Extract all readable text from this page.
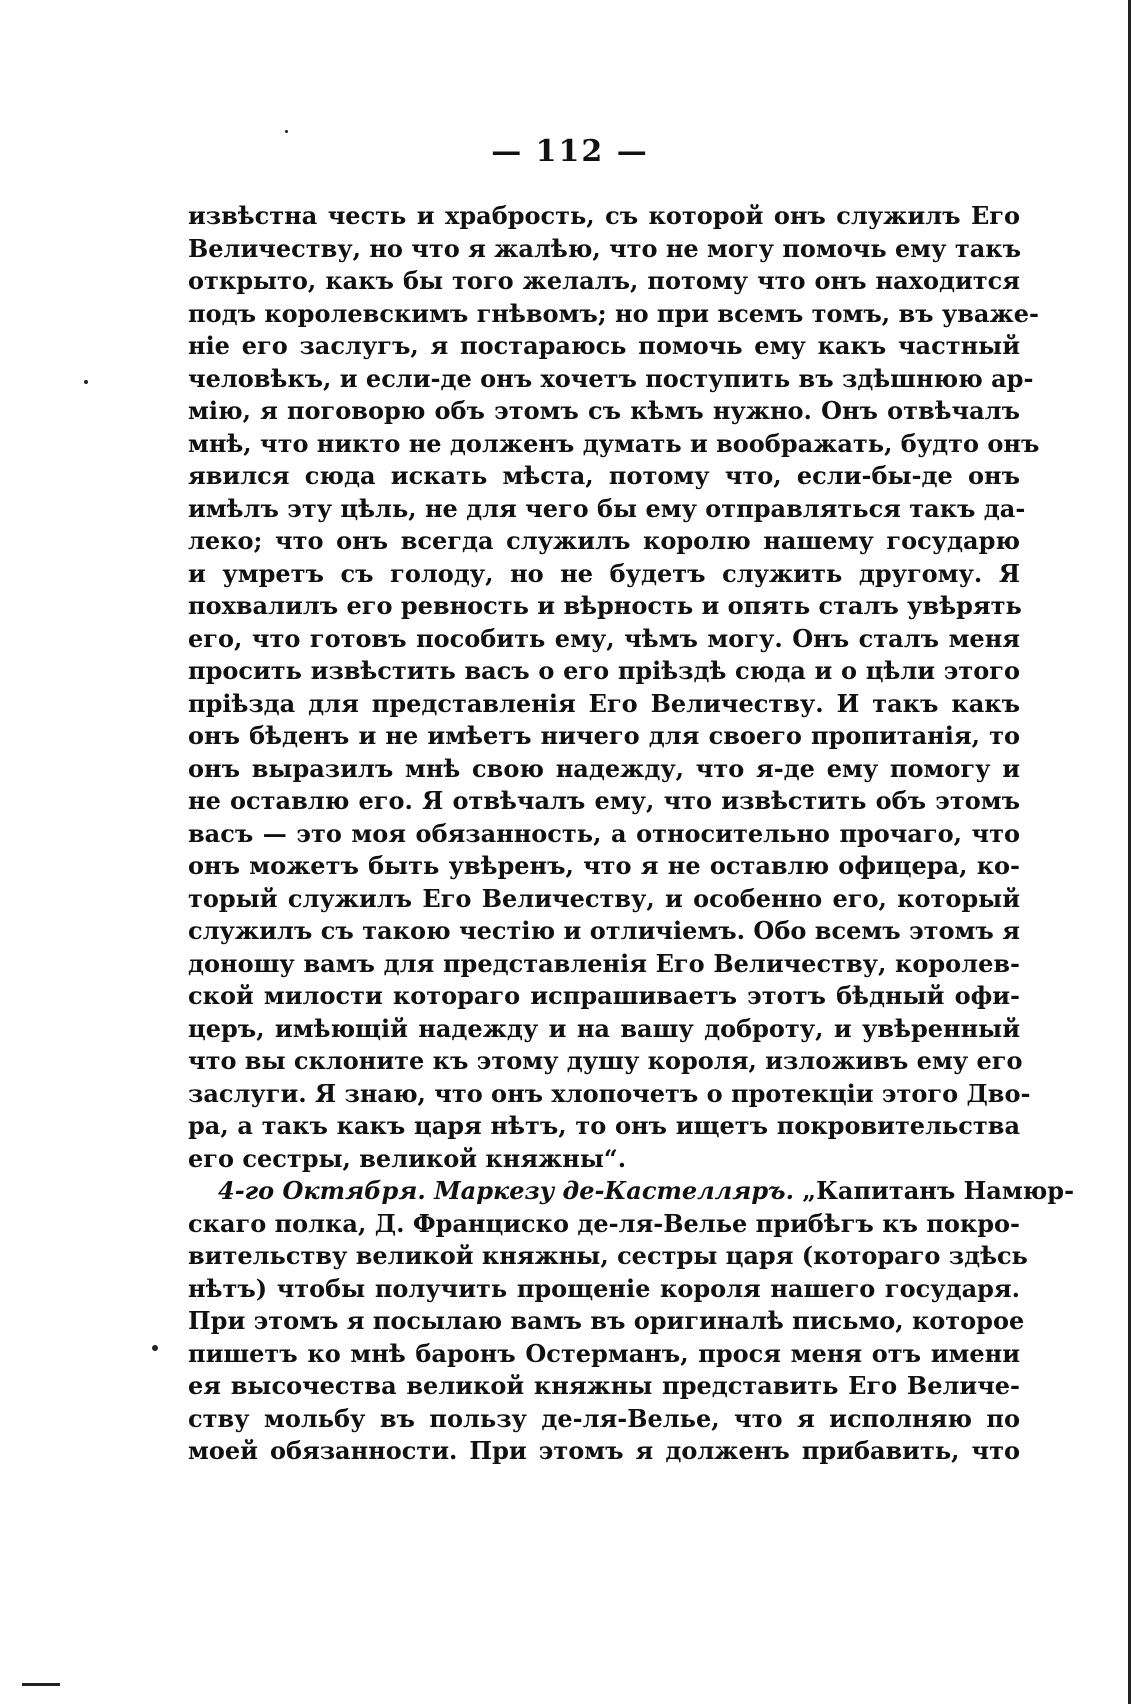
— 112 —
извѣстна честь и храбрость, съ которой онъ служилъ Его
Величеству, но что я жалѣю, что не могу помочь ему такъ
открыто, какъ бы того желалъ, потому что онъ находится
подъ королевскимъ гнѣвомъ; но при всемъ томъ, въ уваже-
ніе его заслугъ, я постараюсь помочь ему какъ частный
человѣкъ, и если-де онъ хочетъ поступить въ здѣшнюю ар-
мію, я поговорю объ этомъ съ кѣмъ нужно. Онъ отвѣчалъ
мнѣ, что никто не долженъ думать и воображать, будто онъ
явился сюда искать мѣста, потому что, если-бы-де онъ
имѣлъ эту цѣль, не для чего бы ему отправляться такъ да-
леко; что онъ всегда служилъ королю нашему государю
и умретъ съ голоду, но не будетъ служить другому. Я
похвалилъ его ревность и вѣрность и опять сталъ увѣрять
его, что готовъ пособить ему, чѣмъ могу. Онъ сталъ меня
просить извѣстить васъ о его пріѣздѣ сюда и о цѣли этого
пріѣзда для представленія Его Величеству. И такъ какъ
онъ бѣденъ и не имѣетъ ничего для своего пропитанія, то
онъ выразилъ мнѣ свою надежду, что я-де ему помогу и
не оставлю его. Я отвѣчалъ ему, что извѣстить объ этомъ
васъ — это моя обязанность, а относительно прочаго, что
онъ можетъ быть увѣренъ, что я не оставлю офицера, ко-
торый служилъ Его Величеству, и особенно его, который
служилъ съ такою честію и отличіемъ. Обо всемъ этомъ я
доношу вамъ для представленія Его Величеству, королев-
ской милости котораго испрашиваетъ этотъ бѣдный офи-
церъ, имѣющій надежду и на вашу доброту, и увѣренный
что вы склоните къ этому душу короля, изложивъ ему его
заслуги. Я знаю, что онъ хлопочетъ о протекціи этого Дво-
ра, а такъ какъ царя нѣтъ, то онъ ищетъ покровительства
его сестры, великой княжны“.
4-го Октября. Маркезу де-Кастелляръ. „Капитанъ Намюр-
скаго полка, Д. Франциско де-ля-Велье прибѣгъ къ покро-
вительству великой княжны, сестры царя (котораго здѣсь
нѣтъ) чтобы получить прощеніе короля нашего государя.
При этомъ я посылаю вамъ въ оригиналѣ письмо, которое
пишетъ ко мнѣ баронъ Остерманъ, прося меня отъ имени
ея высочества великой княжны представить Его Величе-
ству мольбу въ пользу де-ля-Велье, что я исполняю по
моей обязанности. При этомъ я долженъ прибавить, что
